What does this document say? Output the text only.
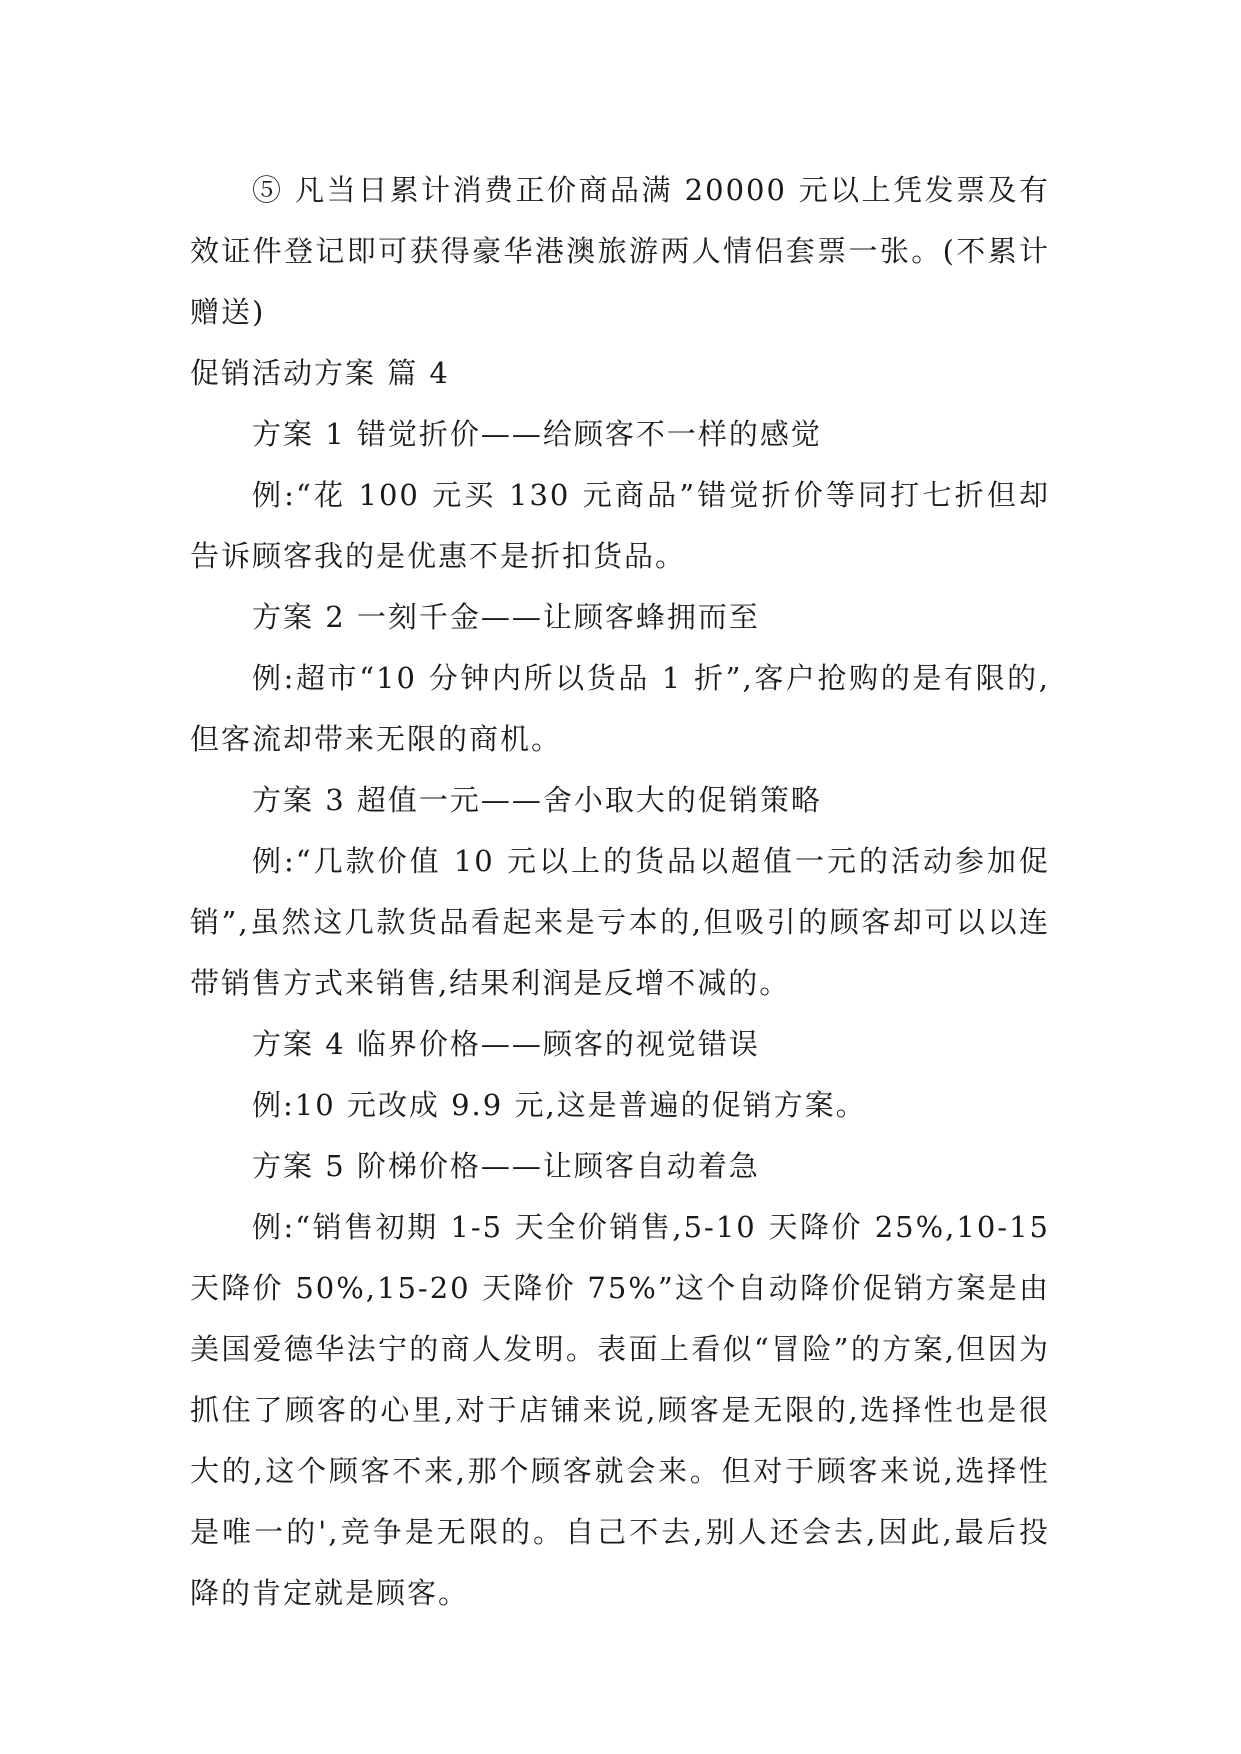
⑤ 凡当日累计消费正价商品满 20000 元以上凭发票及有效证件登记即可获得豪华港澳旅游两人情侣套票一张。(不累计赠送)

促销活动方案 篇 4

方案 1 错觉折价——给顾客不一样的感觉

例:“花 100 元买 130 元商品”错觉折价等同打七折但却告诉顾客我的是优惠不是折扣货品。

方案 2 一刻千金——让顾客蜂拥而至

例:超市“10 分钟内所以货品 1 折”,客户抢购的是有限的,但客流却带来无限的商机。

方案 3 超值一元——舍小取大的促销策略

例:“几款价值 10 元以上的货品以超值一元的活动参加促销”,虽然这几款货品看起来是亏本的,但吸引的顾客却可以以连带销售方式来销售,结果利润是反增不减的。

方案 4 临界价格——顾客的视觉错误

例:10 元改成 9.9 元,这是普遍的促销方案。

方案 5 阶梯价格——让顾客自动着急

例:“销售初期 1-5 天全价销售,5-10 天降价 25%,10-15 天降价 50%,15-20 天降价 75%”这个自动降价促销方案是由美国爱德华法宁的商人发明。表面上看似“冒险”的方案,但因为抓住了顾客的心里,对于店铺来说,顾客是无限的,选择性也是很大的,这个顾客不来,那个顾客就会来。但对于顾客来说,选择性是唯一的',竞争是无限的。自己不去,别人还会去,因此,最后投降的肯定就是顾客。
